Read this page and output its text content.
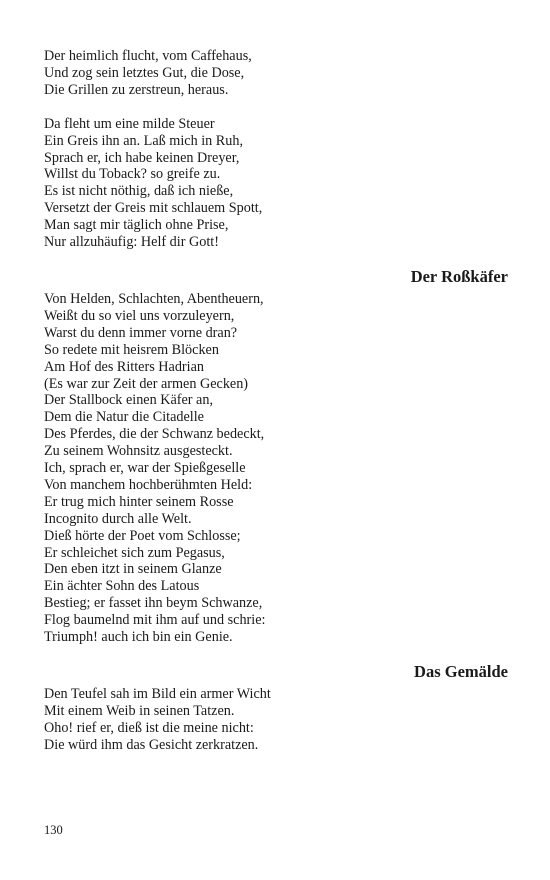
Der heimlich flucht, vom Caffehaus,
Und zog sein letztes Gut, die Dose,
Die Grillen zu zerstreun, heraus.
Da fleht um eine milde Steuer
Ein Greis ihn an. Laß mich in Ruh,
Sprach er, ich habe keinen Dreyer,
Willst du Toback? so greife zu.
Es ist nicht nöthig, daß ich nieße,
Versetzt der Greis mit schlauem Spott,
Man sagt mir täglich ohne Prise,
Nur allzuhäufig: Helf dir Gott!
Der Roßkäfer
Von Helden, Schlachten, Abentheuern,
Weißt du so viel uns vorzuleyern,
Warst du denn immer vorne dran?
So redete mit heisrem Blöcken
Am Hof des Ritters Hadrian
(Es war zur Zeit der armen Gecken)
Der Stallbock einen Käfer an,
Dem die Natur die Citadelle
Des Pferdes, die der Schwanz bedeckt,
Zu seinem Wohnsitz ausgesteckt.
Ich, sprach er, war der Spießgeselle
Von manchem hochberühmten Held:
Er trug mich hinter seinem Rosse
Incognito durch alle Welt.
Dieß hörte der Poet vom Schlosse;
Er schleichet sich zum Pegasus,
Den eben itzt in seinem Glanze
Ein ächter Sohn des Latous
Bestieg; er fasset ihn beym Schwanze,
Flog baumelnd mit ihm auf und schrie:
Triumph! auch ich bin ein Genie.
Das Gemälde
Den Teufel sah im Bild ein armer Wicht
Mit einem Weib in seinen Tatzen.
Oho! rief er, dieß ist die meine nicht:
Die würd ihm das Gesicht zerkratzen.
130
